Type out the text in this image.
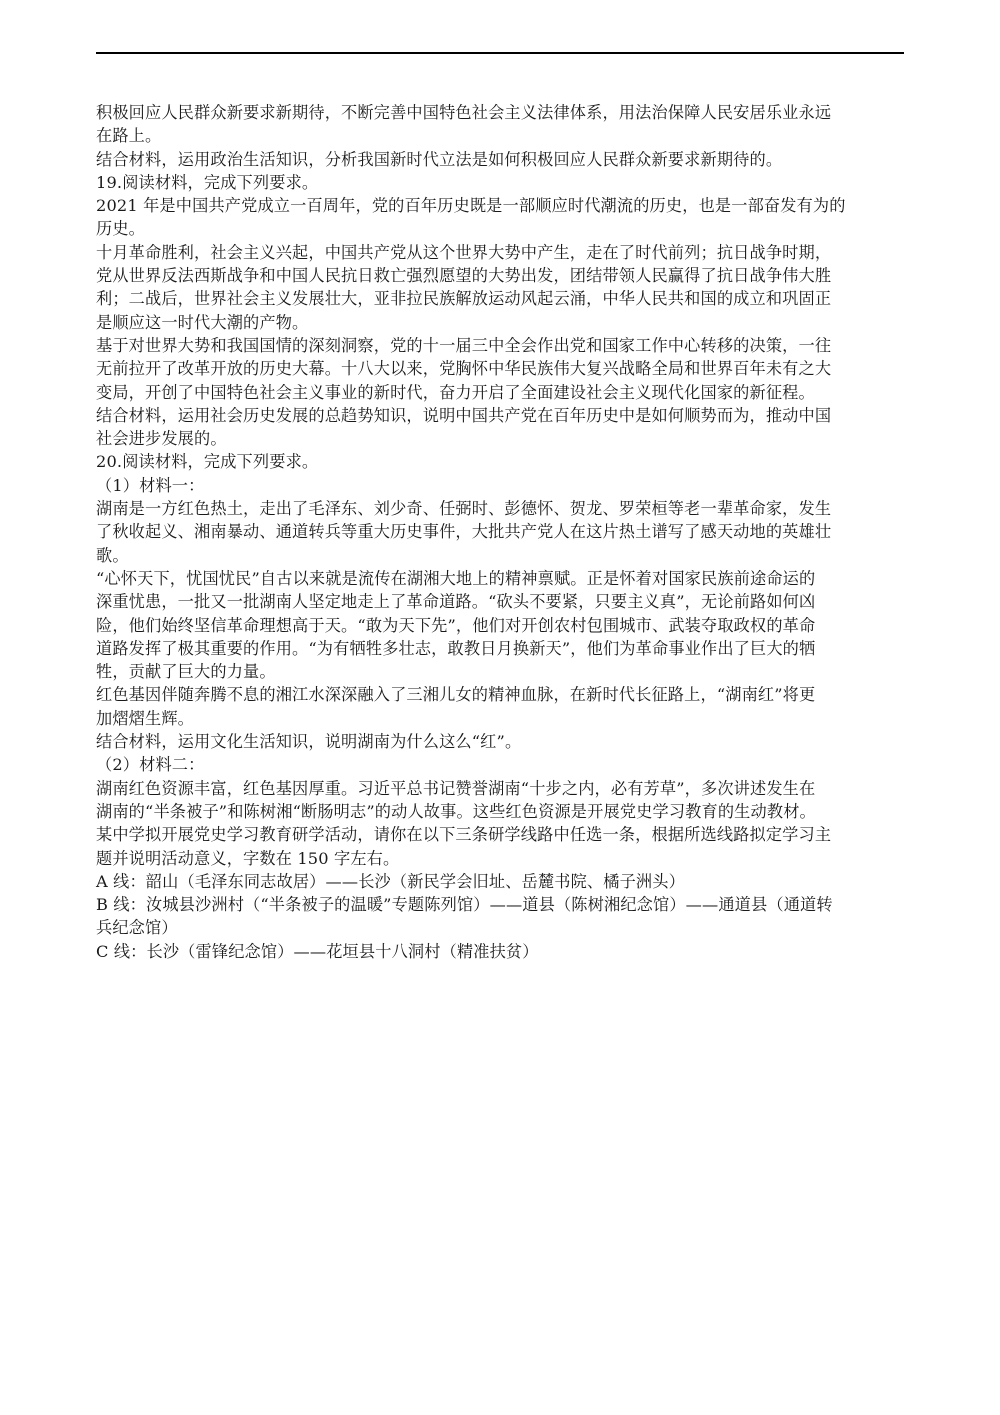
积极回应人民群众新要求新期待，不断完善中国特色社会主义法律体系，用法治保障人民安居乐业永远
在路上。
结合材料，运用政治生活知识，分析我国新时代立法是如何积极回应人民群众新要求新期待的。
19.阅读材料，完成下列要求。
2021 年是中国共产党成立一百周年，党的百年历史既是一部顺应时代潮流的历史，也是一部奋发有为的
历史。
十月革命胜利，社会主义兴起，中国共产党从这个世界大势中产生，走在了时代前列；抗日战争时期，
党从世界反法西斯战争和中国人民抗日救亡强烈愿望的大势出发，团结带领人民赢得了抗日战争伟大胜
利；二战后，世界社会主义发展壮大，亚非拉民族解放运动风起云涌，中华人民共和国的成立和巩固正
是顺应这一时代大潮的产物。
基于对世界大势和我国国情的深刻洞察，党的十一届三中全会作出党和国家工作中心转移的决策，一往
无前拉开了改革开放的历史大幕。十八大以来，党胸怀中华民族伟大复兴战略全局和世界百年未有之大
变局，开创了中国特色社会主义事业的新时代，奋力开启了全面建设社会主义现代化国家的新征程。
结合材料，运用社会历史发展的总趋势知识，说明中国共产党在百年历史中是如何顺势而为，推动中国
社会进步发展的。
20.阅读材料，完成下列要求。
（1）材料一：
湖南是一方红色热土，走出了毛泽东、刘少奇、任弼时、彭德怀、贺龙、罗荣桓等老一辈革命家，发生
了秋收起义、湘南暴动、通道转兵等重大历史事件，大批共产党人在这片热土谱写了感天动地的英雄壮
歌。
“心怀天下，忧国忧民”自古以来就是流传在湖湘大地上的精神禀赋。正是怀着对国家民族前途命运的
深重忧患，一批又一批湖南人坚定地走上了革命道路。“砍头不要紧，只要主义真”，无论前路如何凶
险，他们始终坚信革命理想高于天。“敢为天下先”，他们对开创农村包围城市、武装夺取政权的革命
道路发挥了极其重要的作用。“为有牺牲多壮志，敢教日月换新天”，他们为革命事业作出了巨大的牺
牲，贡献了巨大的力量。
红色基因伴随奔腾不息的湘江水深深融入了三湘儿女的精神血脉，在新时代长征路上，“湖南红”将更
加熠熠生辉。
结合材料，运用文化生活知识，说明湖南为什么这么“红”。
（2）材料二：
湖南红色资源丰富，红色基因厚重。习近平总书记赞誉湖南“十步之内，必有芳草”，多次讲述发生在
湖南的“半条被子”和陈树湘“断肠明志”的动人故事。这些红色资源是开展党史学习教育的生动教材。
某中学拟开展党史学习教育研学活动，请你在以下三条研学线路中任选一条，根据所选线路拟定学习主
题并说明活动意义，字数在 150 字左右。
A 线：韶山（毛泽东同志故居）——长沙（新民学会旧址、岳麓书院、橘子洲头）
B 线：汝城县沙洲村（“半条被子的温暖”专题陈列馆）——道县（陈树湘纪念馆）——通道县（通道转
兵纪念馆）
C 线：长沙（雷锋纪念馆）——花垣县十八洞村（精准扶贫）
